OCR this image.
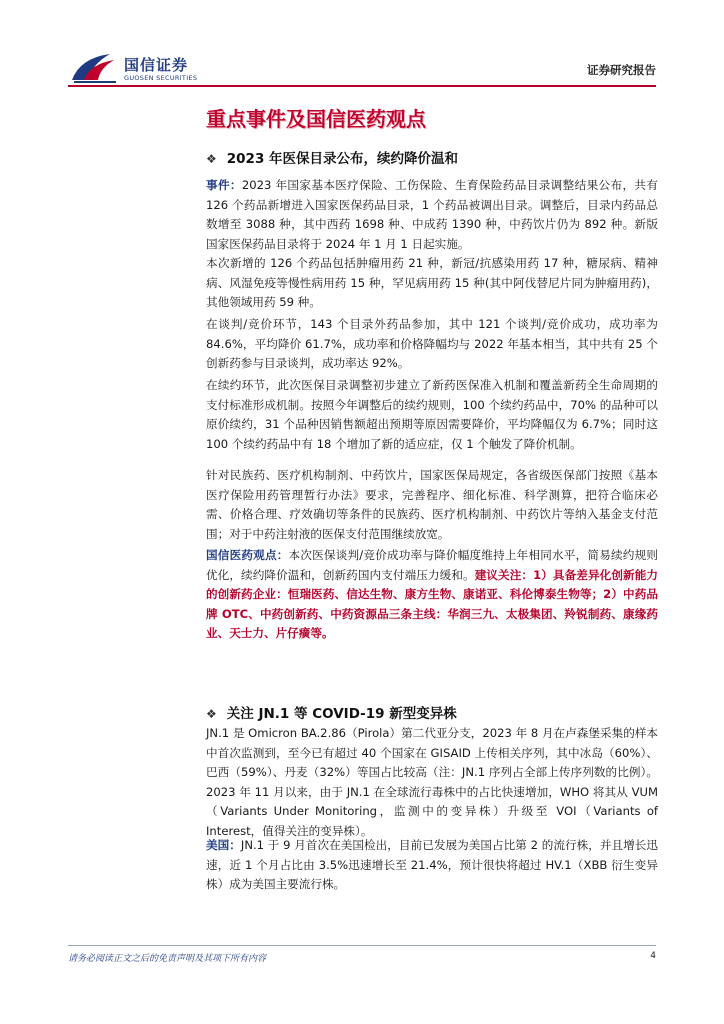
国信证券
GUOSEN SECURITIES
证券研究报告
重点事件及国信医药观点
❖ 2023 年医保目录公布，续约降价温和

事件：2023 年国家基本医疗保险、工伤保险、生育保险药品目录调整结果公布，共有 126 个药品新增进入国家医保药品目录，1 个药品被调出目录。调整后，目录内药品总数增至 3088 种，其中西药 1698 种、中成药 1390 种，中药饮片仍为 892 种。新版国家医保药品目录将于 2024 年 1 月 1 日起实施。

本次新增的 126 个药品包括肿瘤用药 21 种，新冠/抗感染用药 17 种，糖尿病、精神病、风湿免疫等慢性病用药 15 种，罕见病用药 15 种(其中阿伐替尼片同为肿瘤用药)，其他领域用药 59 种。

在谈判/竞价环节，143 个目录外药品参加，其中 121 个谈判/竞价成功，成功率为 84.6%，平均降价 61.7%，成功率和价格降幅均与 2022 年基本相当，其中共有 25 个创新药参与目录谈判，成功率达 92%。

在续约环节，此次医保目录调整初步建立了新药医保准入机制和覆盖新药全生命周期的支付标准形成机制。按照今年调整后的续约规则，100 个续约药品中，70% 的品种可以原价续约，31 个品种因销售额超出预期等原因需要降价，平均降幅仅为 6.7%；同时这 100 个续约药品中有 18 个增加了新的适应症，仅 1 个触发了降价机制。

针对民族药、医疗机构制剂、中药饮片，国家医保局规定，各省级医保部门按照《基本医疗保险用药管理暂行办法》要求，完善程序、细化标准、科学测算，把符合临床必需、价格合理、疗效确切等条件的民族药、医疗机构制剂、中药饮片等纳入基金支付范围；对于中药注射液的医保支付范围继续放宽。

国信医药观点：本次医保谈判/竞价成功率与降价幅度维持上年相同水平，简易续约规则优化，续约降价温和，创新药国内支付端压力缓和。建议关注：1）具备差异化创新能力的创新药企业：恒瑞医药、信达生物、康方生物、康诺亚、科伦博泰生物等；2）中药品牌 OTC、中药创新药、中药资源品三条主线：华润三九、太极集团、羚锐制药、康缘药业、天士力、片仔癀等。

❖ 关注 JN.1 等 COVID-19 新型变异株

JN.1 是 Omicron BA.2.86（Pirola）第二代亚分支，2023 年 8 月在卢森堡采集的样本中首次监测到，至今已有超过 40 个国家在 GISAID 上传相关序列，其中冰岛（60%）、巴西（59%）、丹麦（32%）等国占比较高（注：JN.1 序列占全部上传序列数的比例）。2023 年 11 月以来，由于 JN.1 在全球流行毒株中的占比快速增加，WHO 将其从 VUM（Variants Under Monitoring，监测中的变异株）升级至 VOI（Variants of Interest，值得关注的变异株）。

美国：JN.1 于 9 月首次在美国检出，目前已发展为美国占比第 2 的流行株，并且增长迅速，近 1 个月占比由 3.5%迅速增长至 21.4%，预计很快将超过 HV.1（XBB 衍生变异株）成为美国主要流行株。

请务必阅读正文之后的免责声明及其项下所有内容	4
